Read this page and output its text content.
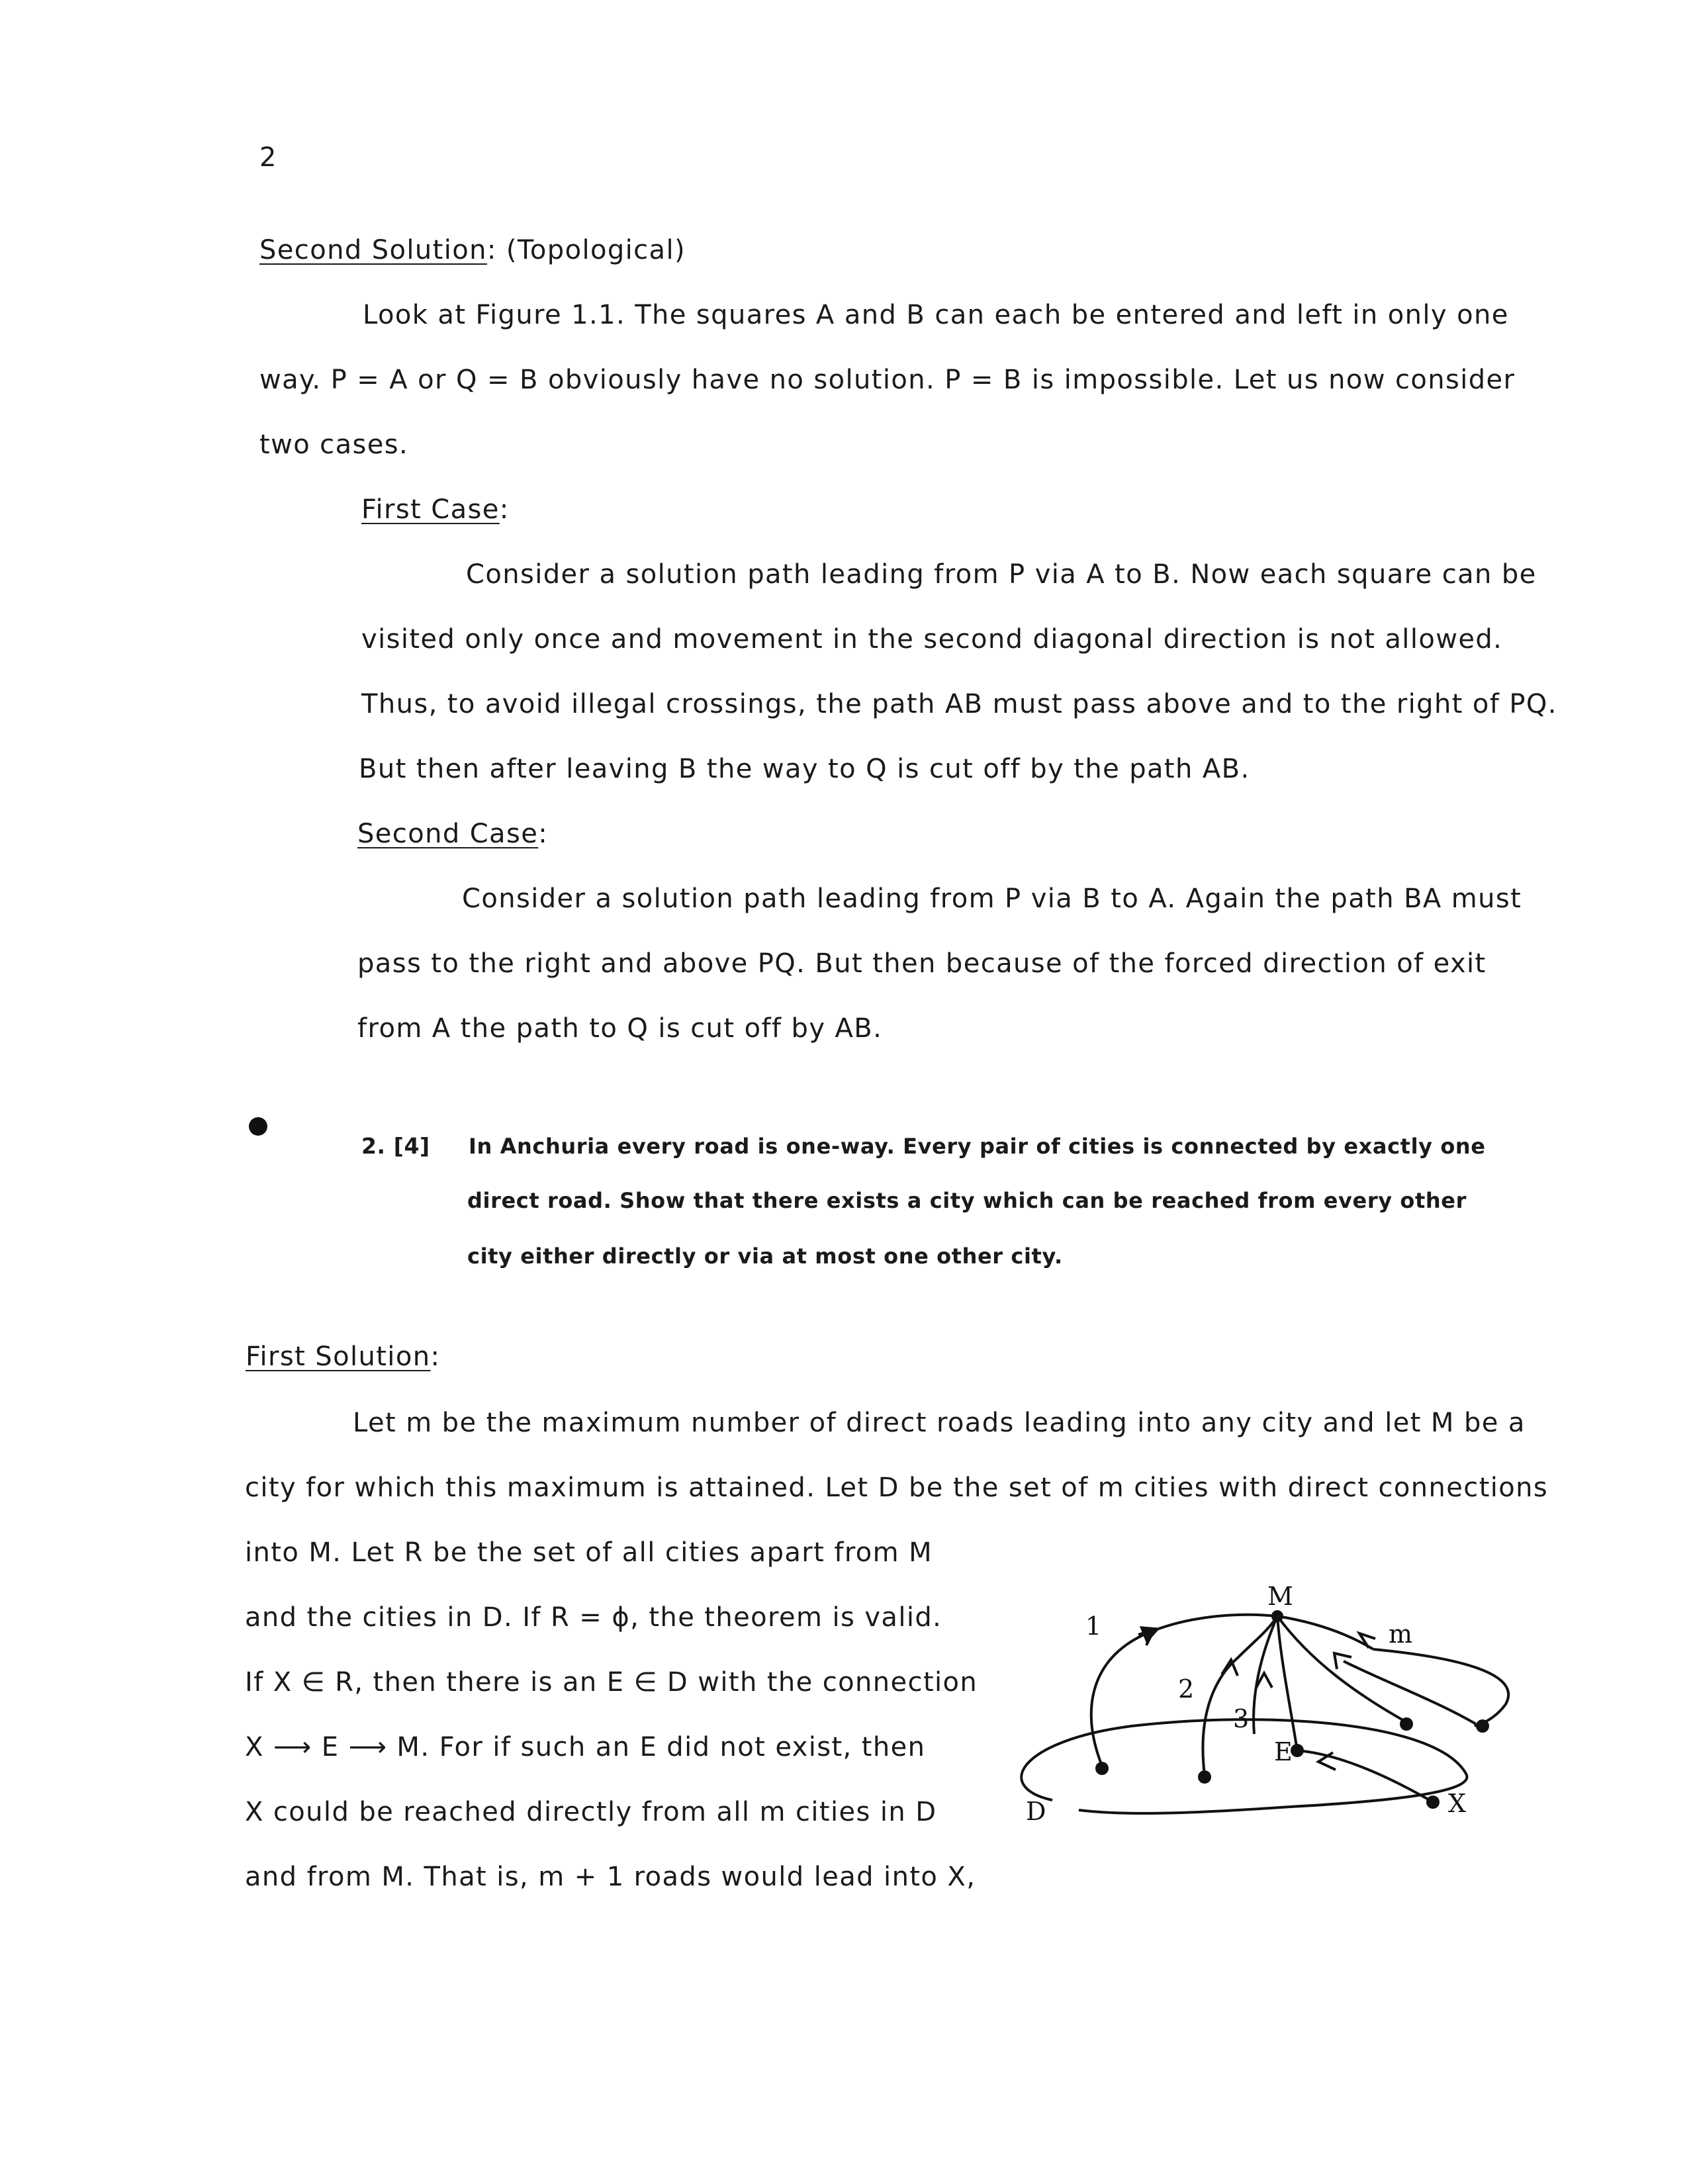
2
Second Solution: (Topological)
Look at Figure 1.1. The squares A and B can each be entered and left in only one
way. P = A or Q = B obviously have no solution. P = B is impossible. Let us now consider
two cases.
First Case:
Consider a solution path leading from P via A to B. Now each square can be
visited only once and movement in the second diagonal direction is not allowed.
Thus, to avoid illegal crossings, the path AB must pass above and to the right of PQ.
But then after leaving B the way to Q is cut off by the path AB.
Second Case:
Consider a solution path leading from P via B to A. Again the path BA must
pass to the right and above PQ. But then because of the forced direction of exit
from A the path to Q is cut off by AB.
2. [4] In Anchuria every road is one-way. Every pair of cities is connected by exactly one
direct road. Show that there exists a city which can be reached from every other
city either directly or via at most one other city.
First Solution:
Let m be the maximum number of direct roads leading into any city and let M be a
city for which this maximum is attained. Let D be the set of m cities with direct connections
into M. Let R be the set of all cities apart from M
and the cities in D. If R = ϕ, the theorem is valid.
If X ∈ R, then there is an E ∈ D with the connection
X ⟶ E ⟶ M. For if such an E did not exist, then
X could be reached directly from all m cities in D
and from M. That is, m + 1 roads would lead into X,
M
m
1
2
3
E
D	X
